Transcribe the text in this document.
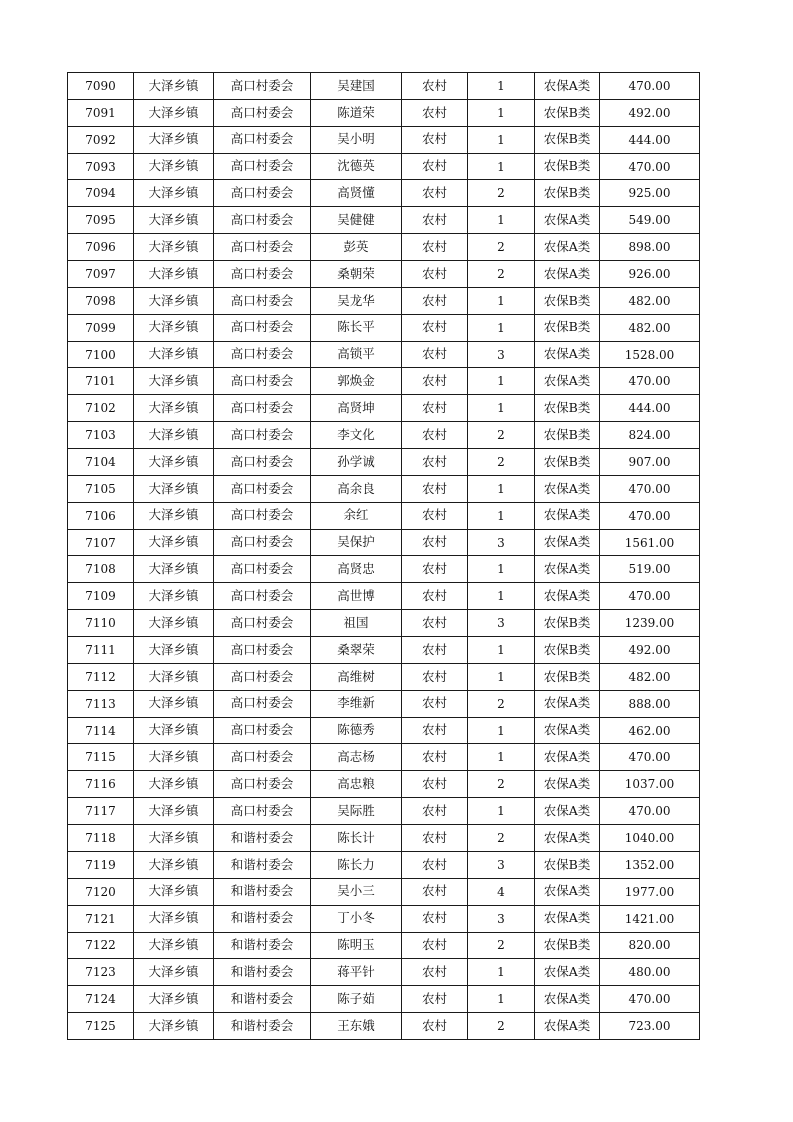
7090	大泽乡镇	高口村委会	吴建国	农村	1	农保A类	470.00
7091	大泽乡镇	高口村委会	陈道荣	农村	1	农保B类	492.00
7092	大泽乡镇	高口村委会	吴小明	农村	1	农保B类	444.00
7093	大泽乡镇	高口村委会	沈德英	农村	1	农保B类	470.00
7094	大泽乡镇	高口村委会	高贤懂	农村	2	农保B类	925.00
7095	大泽乡镇	高口村委会	吴健健	农村	1	农保A类	549.00
7096	大泽乡镇	高口村委会	彭英	农村	2	农保A类	898.00
7097	大泽乡镇	高口村委会	桑朝荣	农村	2	农保A类	926.00
7098	大泽乡镇	高口村委会	吴龙华	农村	1	农保B类	482.00
7099	大泽乡镇	高口村委会	陈长平	农村	1	农保B类	482.00
7100	大泽乡镇	高口村委会	高锁平	农村	3	农保A类	1528.00
7101	大泽乡镇	高口村委会	郭焕金	农村	1	农保A类	470.00
7102	大泽乡镇	高口村委会	高贤坤	农村	1	农保B类	444.00
7103	大泽乡镇	高口村委会	李文化	农村	2	农保B类	824.00
7104	大泽乡镇	高口村委会	孙学诚	农村	2	农保B类	907.00
7105	大泽乡镇	高口村委会	高余良	农村	1	农保A类	470.00
7106	大泽乡镇	高口村委会	余红	农村	1	农保A类	470.00
7107	大泽乡镇	高口村委会	吴保护	农村	3	农保A类	1561.00
7108	大泽乡镇	高口村委会	高贤忠	农村	1	农保A类	519.00
7109	大泽乡镇	高口村委会	高世博	农村	1	农保A类	470.00
7110	大泽乡镇	高口村委会	祖国	农村	3	农保B类	1239.00
7111	大泽乡镇	高口村委会	桑翠荣	农村	1	农保B类	492.00
7112	大泽乡镇	高口村委会	高维树	农村	1	农保B类	482.00
7113	大泽乡镇	高口村委会	李维新	农村	2	农保A类	888.00
7114	大泽乡镇	高口村委会	陈德秀	农村	1	农保A类	462.00
7115	大泽乡镇	高口村委会	高志杨	农村	1	农保A类	470.00
7116	大泽乡镇	高口村委会	高忠粮	农村	2	农保A类	1037.00
7117	大泽乡镇	高口村委会	吴际胜	农村	1	农保A类	470.00
7118	大泽乡镇	和谐村委会	陈长计	农村	2	农保A类	1040.00
7119	大泽乡镇	和谐村委会	陈长力	农村	3	农保B类	1352.00
7120	大泽乡镇	和谐村委会	吴小三	农村	4	农保A类	1977.00
7121	大泽乡镇	和谐村委会	丁小冬	农村	3	农保A类	1421.00
7122	大泽乡镇	和谐村委会	陈明玉	农村	2	农保B类	820.00
7123	大泽乡镇	和谐村委会	蒋平针	农村	1	农保A类	480.00
7124	大泽乡镇	和谐村委会	陈子茹	农村	1	农保A类	470.00
7125	大泽乡镇	和谐村委会	王东娥	农村	2	农保A类	723.00
